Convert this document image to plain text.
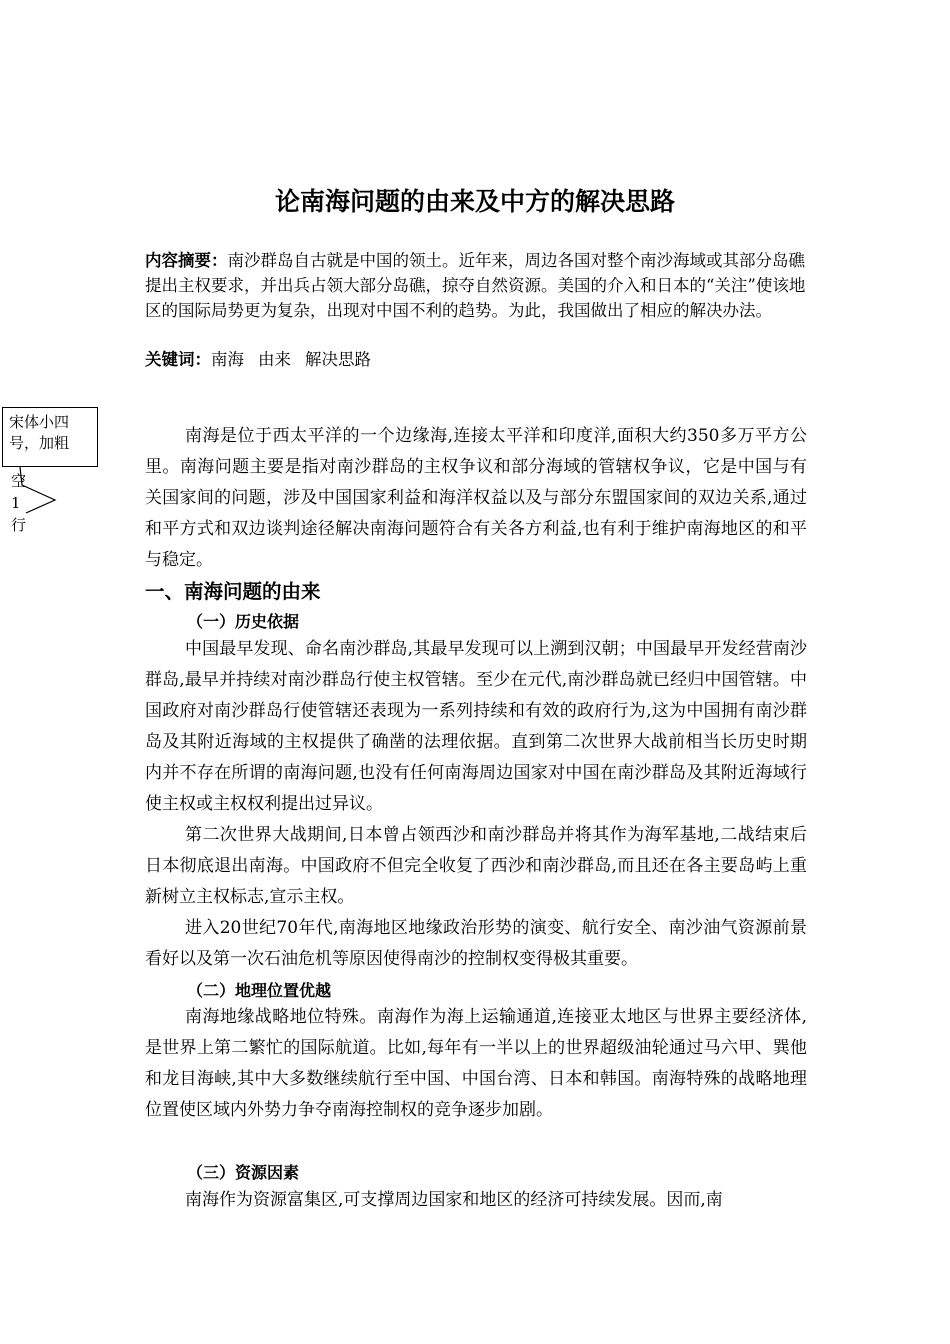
论南海问题的由来及中方的解决思路
内容摘要：南沙群岛自古就是中国的领土。近年来，周边各国对整个南沙海域或其部分岛礁提出主权要求，并出兵占领大部分岛礁，掠夺自然资源。美国的介入和日本的“关注”使该地区的国际局势更为复杂，出现对中国不利的趋势。为此，我国做出了相应的解决办法。
关键词：南海 由来 解决思路
宋体小四号，加粗
空1行

南海是位于西太平洋的一个边缘海,连接太平洋和印度洋,面积大约350多万平方公里。南海问题主要是指对南沙群岛的主权争议和部分海域的管辖权争议，它是中国与有关国家间的问题，涉及中国国家利益和海洋权益以及与部分东盟国家间的双边关系,通过和平方式和双边谈判途径解决南海问题符合有关各方利益,也有利于维护南海地区的和平与稳定。

一、南海问题的由来
（一）历史依据

中国最早发现、命名南沙群岛,其最早发现可以上溯到汉朝；中国最早开发经营南沙群岛,最早并持续对南沙群岛行使主权管辖。至少在元代,南沙群岛就已经归中国管辖。中国政府对南沙群岛行使管辖还表现为一系列持续和有效的政府行为,这为中国拥有南沙群岛及其附近海域的主权提供了确凿的法理依据。直到第二次世界大战前相当长历史时期内并不存在所谓的南海问题,也没有任何南海周边国家对中国在南沙群岛及其附近海域行使主权或主权权利提出过异议。

第二次世界大战期间,日本曾占领西沙和南沙群岛并将其作为海军基地,二战结束后日本彻底退出南海。中国政府不但完全收复了西沙和南沙群岛,而且还在各主要岛屿上重新树立主权标志,宣示主权。

进入20世纪70年代,南海地区地缘政治形势的演变、航行安全、南沙油气资源前景看好以及第一次石油危机等原因使得南沙的控制权变得极其重要。

（二）地理位置优越

南海地缘战略地位特殊。南海作为海上运输通道,连接亚太地区与世界主要经济体,是世界上第二繁忙的国际航道。比如,每年有一半以上的世界超级油轮通过马六甲、巽他和龙目海峡,其中大多数继续航行至中国、中国台湾、日本和韩国。南海特殊的战略地理位置使区域内外势力争夺南海控制权的竞争逐步加剧。

（三）资源因素

南海作为资源富集区,可支撑周边国家和地区的经济可持续发展。因而,南
